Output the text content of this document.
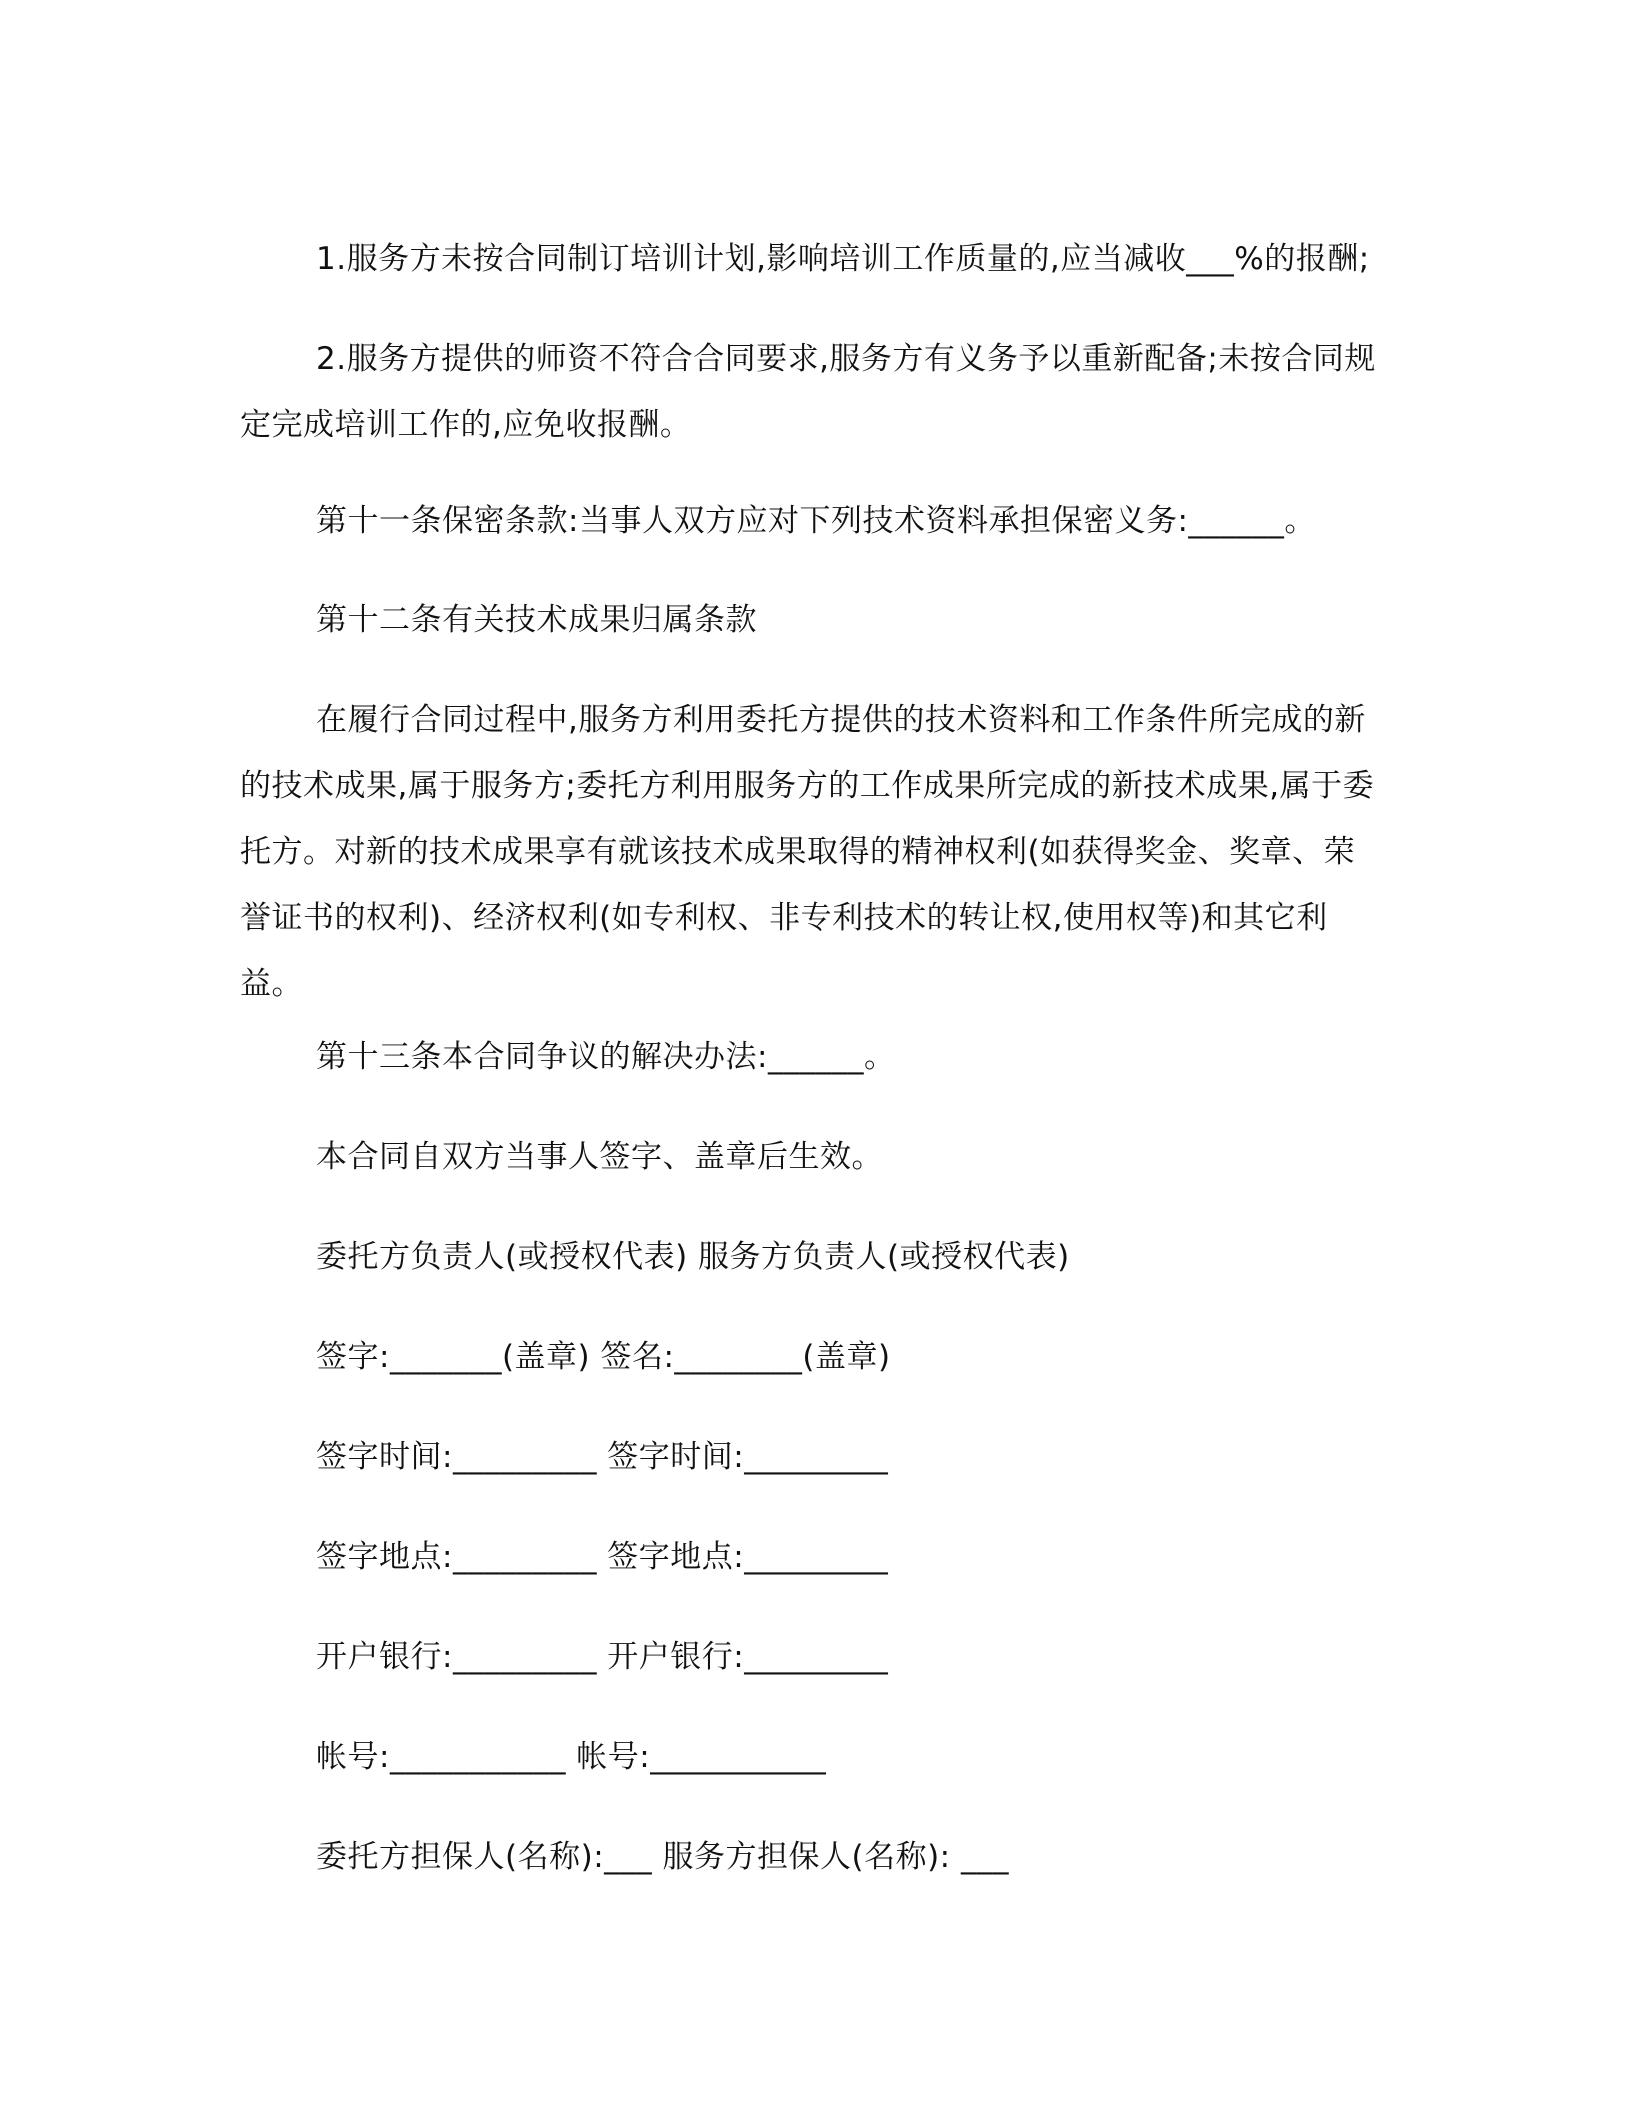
1.服务方未按合同制订培训计划,影响培训工作质量的,应当减收___%的报酬;
2.服务方提供的师资不符合合同要求,服务方有义务予以重新配备;未按合同规定完成培训工作的,应免收报酬。
第十一条保密条款:当事人双方应对下列技术资料承担保密义务:______。
第十二条有关技术成果归属条款
在履行合同过程中,服务方利用委托方提供的技术资料和工作条件所完成的新的技术成果,属于服务方;委托方利用服务方的工作成果所完成的新技术成果,属于委托方。对新的技术成果享有就该技术成果取得的精神权利(如获得奖金、奖章、荣誉证书的权利)、经济权利(如专利权、非专利技术的转让权,使用权等)和其它利益。
第十三条本合同争议的解决办法:______。
本合同自双方当事人签字、盖章后生效。
委托方负责人(或授权代表) 服务方负责人(或授权代表)
签字:_______(盖章) 签名:________(盖章)
签字时间:_________ 签字时间:_________
签字地点:_________ 签字地点:_________
开户银行:_________ 开户银行:_________
帐号:___________ 帐号:___________
委托方担保人(名称):___ 服务方担保人(名称): ___
